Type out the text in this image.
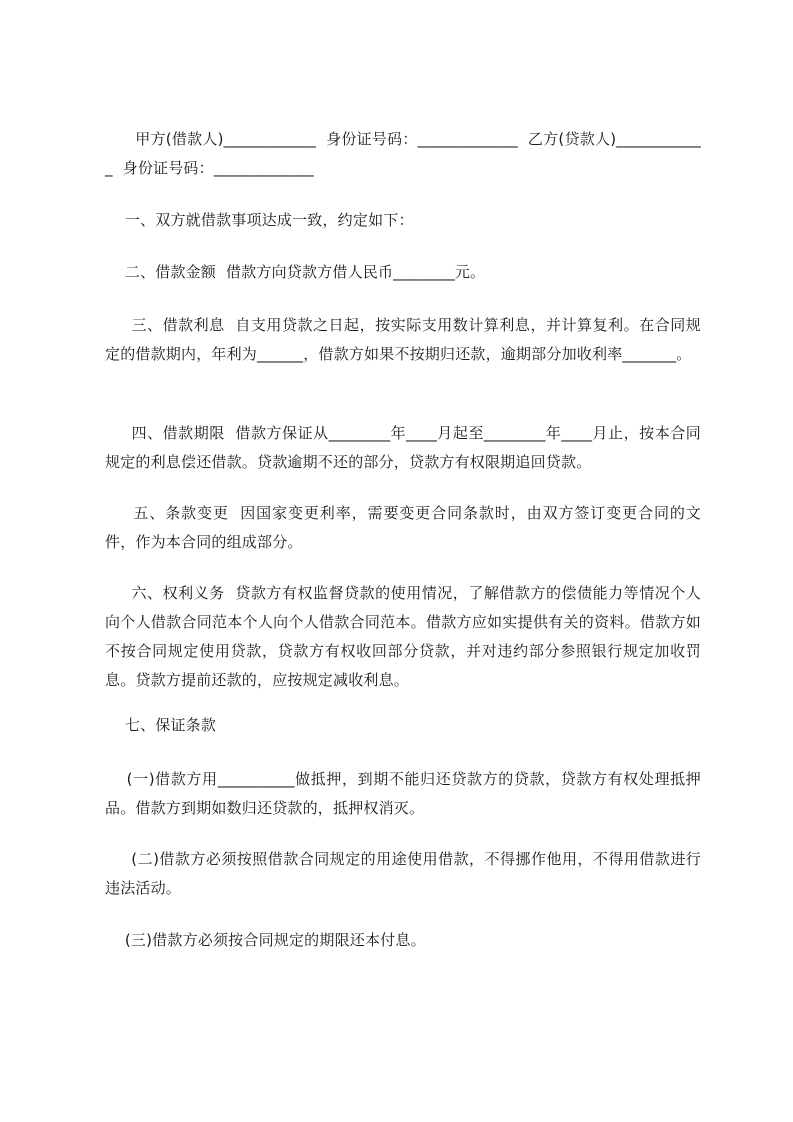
甲方(借款人)____________  身份证号码：_____________  乙方(贷款人)____________  身份证号码：_____________

一、双方就借款事项达成一致，约定如下：

二、借款金额  借款方向贷款方借人民币________元。

三、借款利息  自支用贷款之日起，按实际支用数计算利息，并计算复利。在合同规定的借款期内，年利为______，借款方如果不按期归还款，逾期部分加收利率_______。

四、借款期限  借款方保证从________年____月起至________年____月止，按本合同规定的利息偿还借款。贷款逾期不还的部分，贷款方有权限期追回贷款。

五、条款变更  因国家变更利率，需要变更合同条款时，由双方签订变更合同的文件，作为本合同的组成部分。

六、权利义务  贷款方有权监督贷款的使用情况，了解借款方的偿债能力等情况个人向个人借款合同范本个人向个人借款合同范本。借款方应如实提供有关的资料。借款方如不按合同规定使用贷款，贷款方有权收回部分贷款，并对违约部分参照银行规定加收罚息。贷款方提前还款的，应按规定减收利息。

七、保证条款

(一)借款方用__________做抵押，到期不能归还贷款方的贷款，贷款方有权处理抵押品。借款方到期如数归还贷款的，抵押权消灭。

(二)借款方必须按照借款合同规定的用途使用借款，不得挪作他用，不得用借款进行违法活动。

(三)借款方必须按合同规定的期限还本付息。
